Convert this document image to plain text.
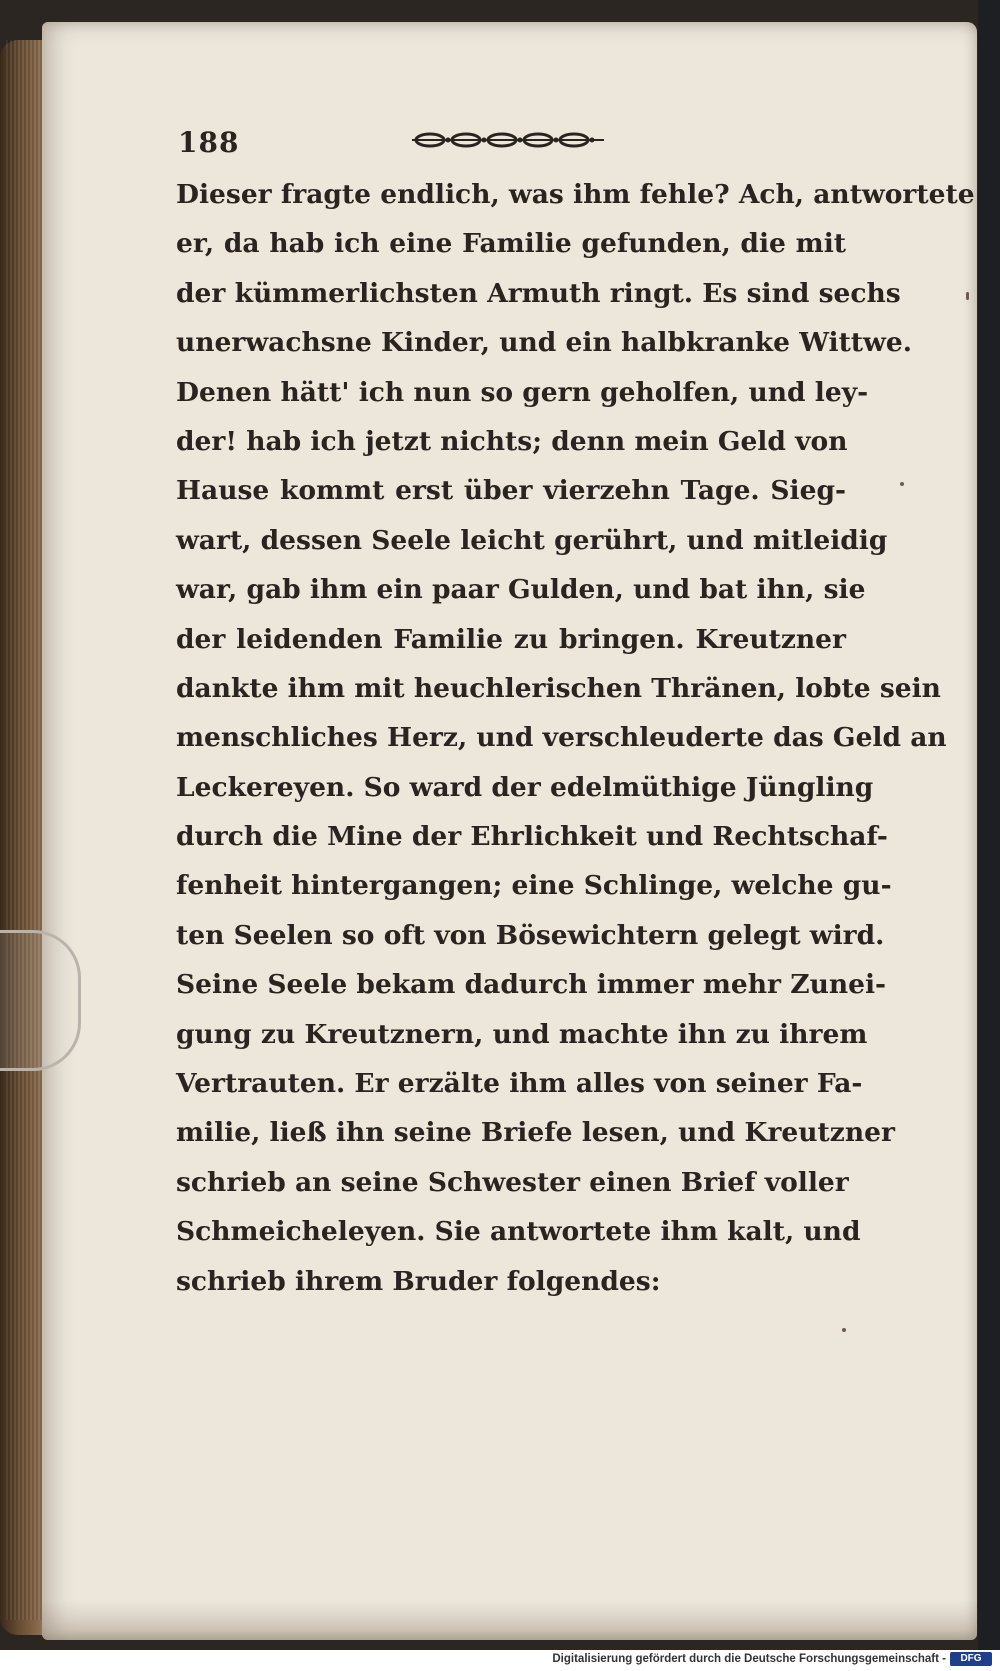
188

Dieser fragte endlich, was ihm fehle? Ach, antwortete
er, da hab ich eine Familie gefunden, die mit
der kümmerlichsten Armuth ringt. Es sind sechs
unerwachsne Kinder, und ein halbkranke Wittwe.
Denen hätt' ich nun so gern geholfen, und ley-
der! hab ich jetzt nichts; denn mein Geld von
Hause kommt erst über vierzehn Tage. Sieg-
wart, dessen Seele leicht gerührt, und mitleidig
war, gab ihm ein paar Gulden, und bat ihn, sie
der leidenden Familie zu bringen. Kreutzner
dankte ihm mit heuchlerischen Thränen, lobte sein
menschliches Herz, und verschleuderte das Geld an
Leckereyen. So ward der edelmüthige Jüngling
durch die Mine der Ehrlichkeit und Rechtschaf-
fenheit hintergangen; eine Schlinge, welche gu-
ten Seelen so oft von Bösewichtern gelegt wird.
Seine Seele bekam dadurch immer mehr Zunei-
gung zu Kreutznern, und machte ihn zu ihrem
Vertrauten. Er erzälte ihm alles von seiner Fa-
milie, ließ ihn seine Briefe lesen, und Kreutzner
schrieb an seine Schwester einen Brief voller
Schmeicheleyen. Sie antwortete ihm kalt, und
schrieb ihrem Bruder folgendes:

Digitalisierung gefördert durch die Deutsche Forschungsgemeinschaft -	DFG
